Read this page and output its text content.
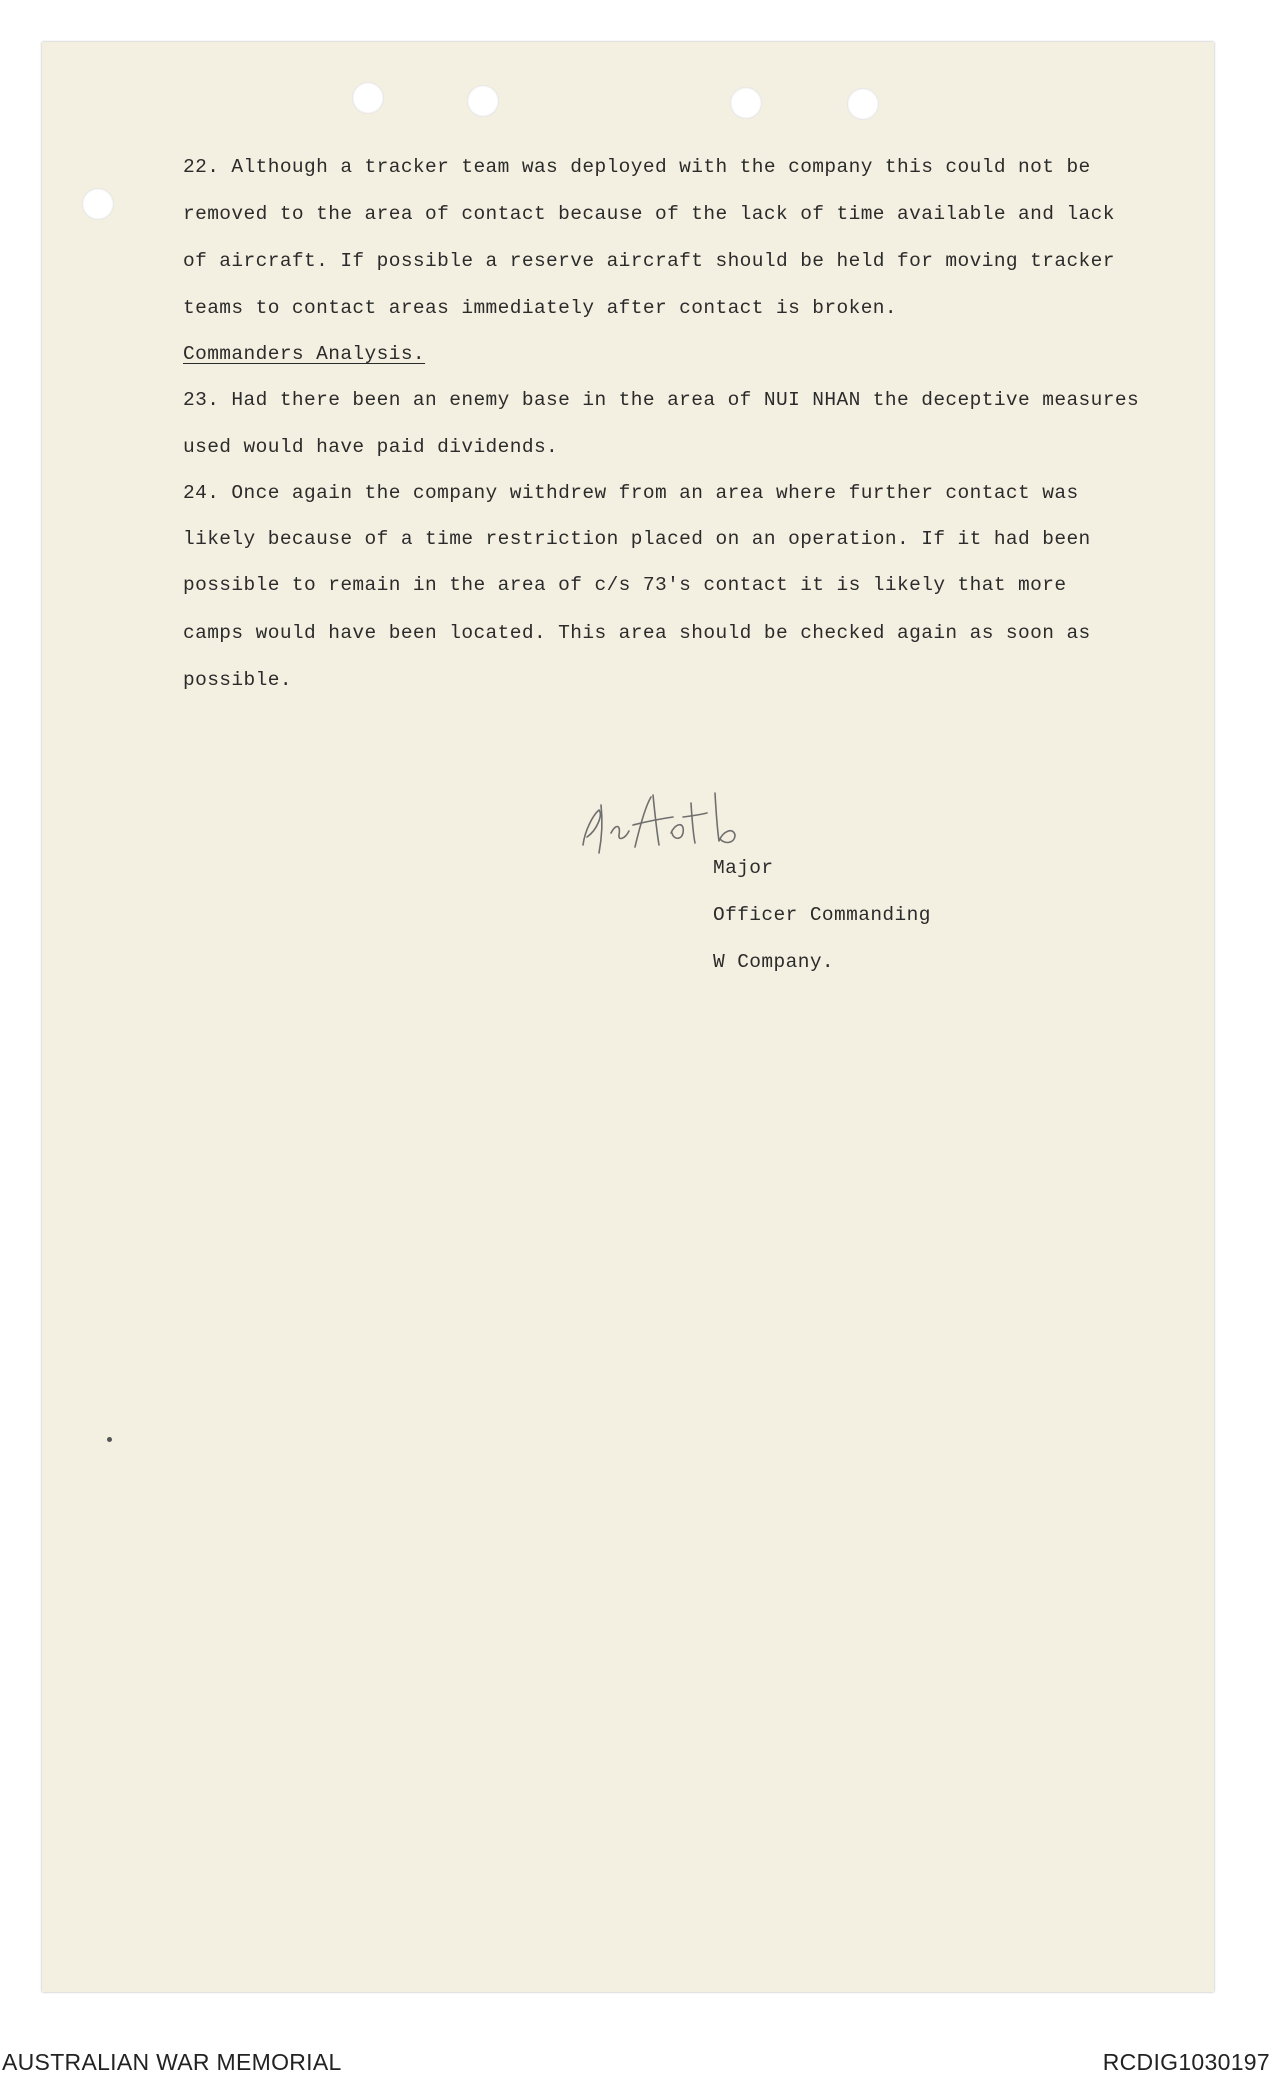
22. Although a tracker team was deployed with the company this could not be
removed to the area of contact because of the lack of time available and lack
of aircraft. If possible a reserve aircraft should be held for moving tracker
teams to contact areas immediately after contact is broken.
Commanders Analysis.
23. Had there been an enemy base in the area of NUI NHAN the deceptive measures
used would have paid dividends.
24. Once again the company withdrew from an area where further contact was
likely because of a time restriction placed on an operation. If it had been
possible to remain in the area of c/s 73's contact it is likely that more
camps would have been located. This area should be checked again as soon as
possible.
Major
Officer Commanding
W Company.
AUSTRALIAN WAR MEMORIAL	RCDIG1030197
